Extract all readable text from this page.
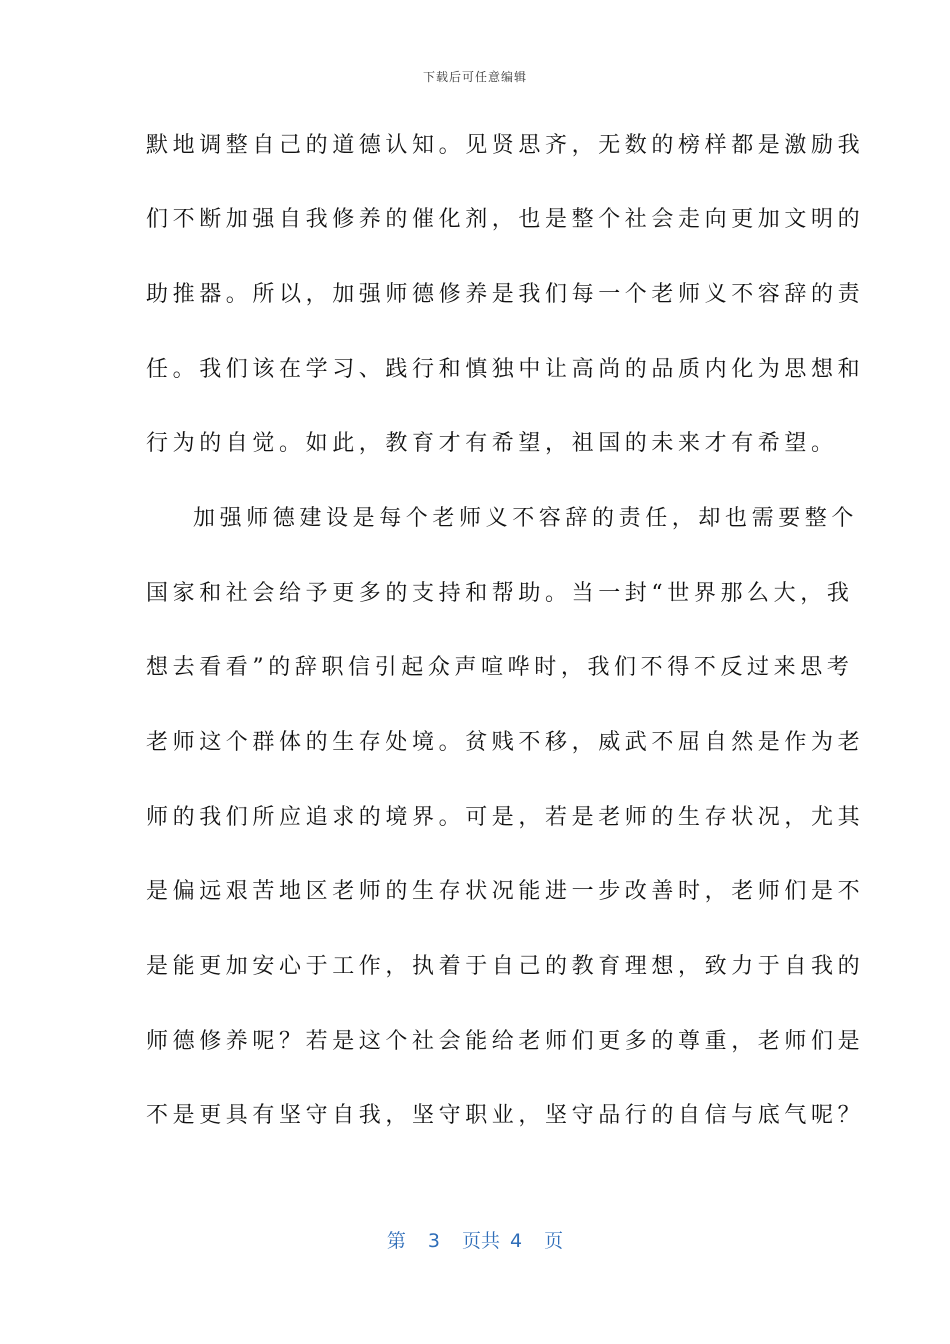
下载后可任意编辑
默地调整自己的道德认知。见贤思齐，无数的榜样都是激励我
们不断加强自我修养的催化剂，也是整个社会走向更加文明的
助推器。所以，加强师德修养是我们每一个老师义不容辞的责
任。我们该在学习、践行和慎独中让高尚的品质内化为思想和
行为的自觉。如此，教育才有希望，祖国的未来才有希望。
加强师德建设是每个老师义不容辞的责任，却也需要整个
国家和社会给予更多的支持和帮助。当一封“世界那么大，我
想去看看”的辞职信引起众声喧哗时，我们不得不反过来思考
老师这个群体的生存处境。贫贱不移，威武不屈自然是作为老
师的我们所应追求的境界。可是，若是老师的生存状况，尤其
是偏远艰苦地区老师的生存状况能进一步改善时，老师们是不
是能更加安心于工作，执着于自己的教育理想，致力于自我的
师德修养呢？若是这个社会能给老师们更多的尊重，老师们是
不是更具有坚守自我，坚守职业，坚守品行的自信与底气呢？
第 3 页共 4 页
